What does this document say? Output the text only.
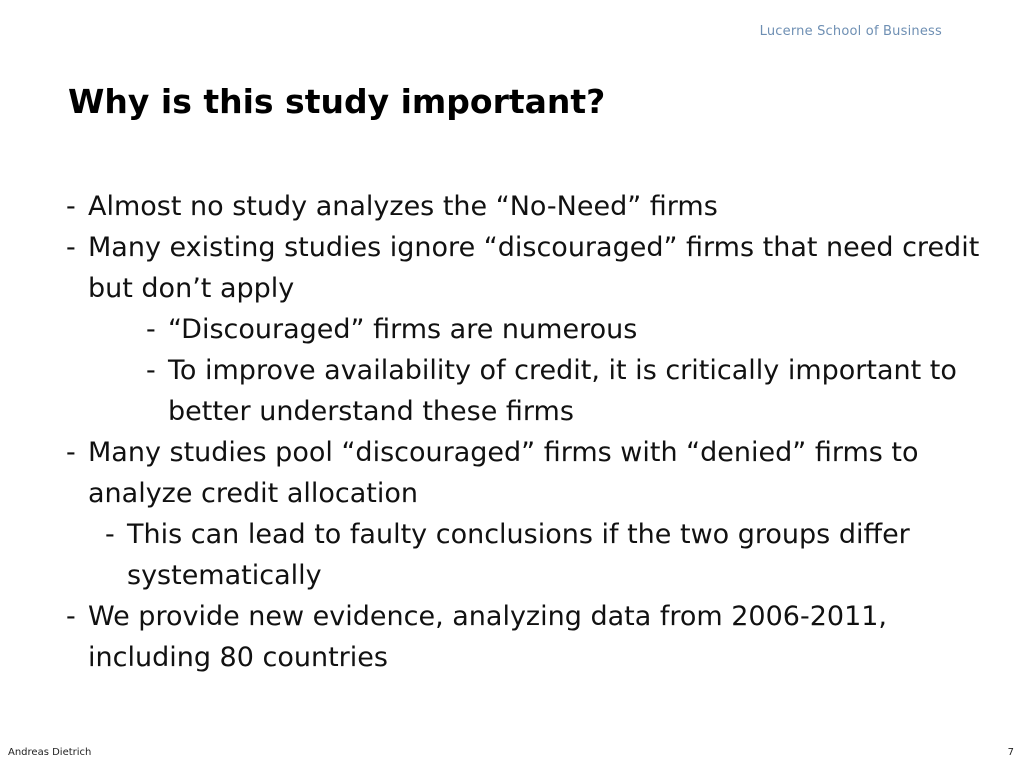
Lucerne School of Business
Why is this study important?
- Almost no study analyzes the “No-Need” firms
- Many existing studies ignore “discouraged” firms that need credit but don’t apply
- “Discouraged” firms are numerous
- To improve availability of credit, it is critically important to better understand these firms
- Many studies pool “discouraged” firms with “denied” firms to analyze credit allocation
- This can lead to faulty conclusions if the two groups differ systematically
- We provide new evidence, analyzing data from 2006-2011, including 80 countries
Andreas Dietrich	7
